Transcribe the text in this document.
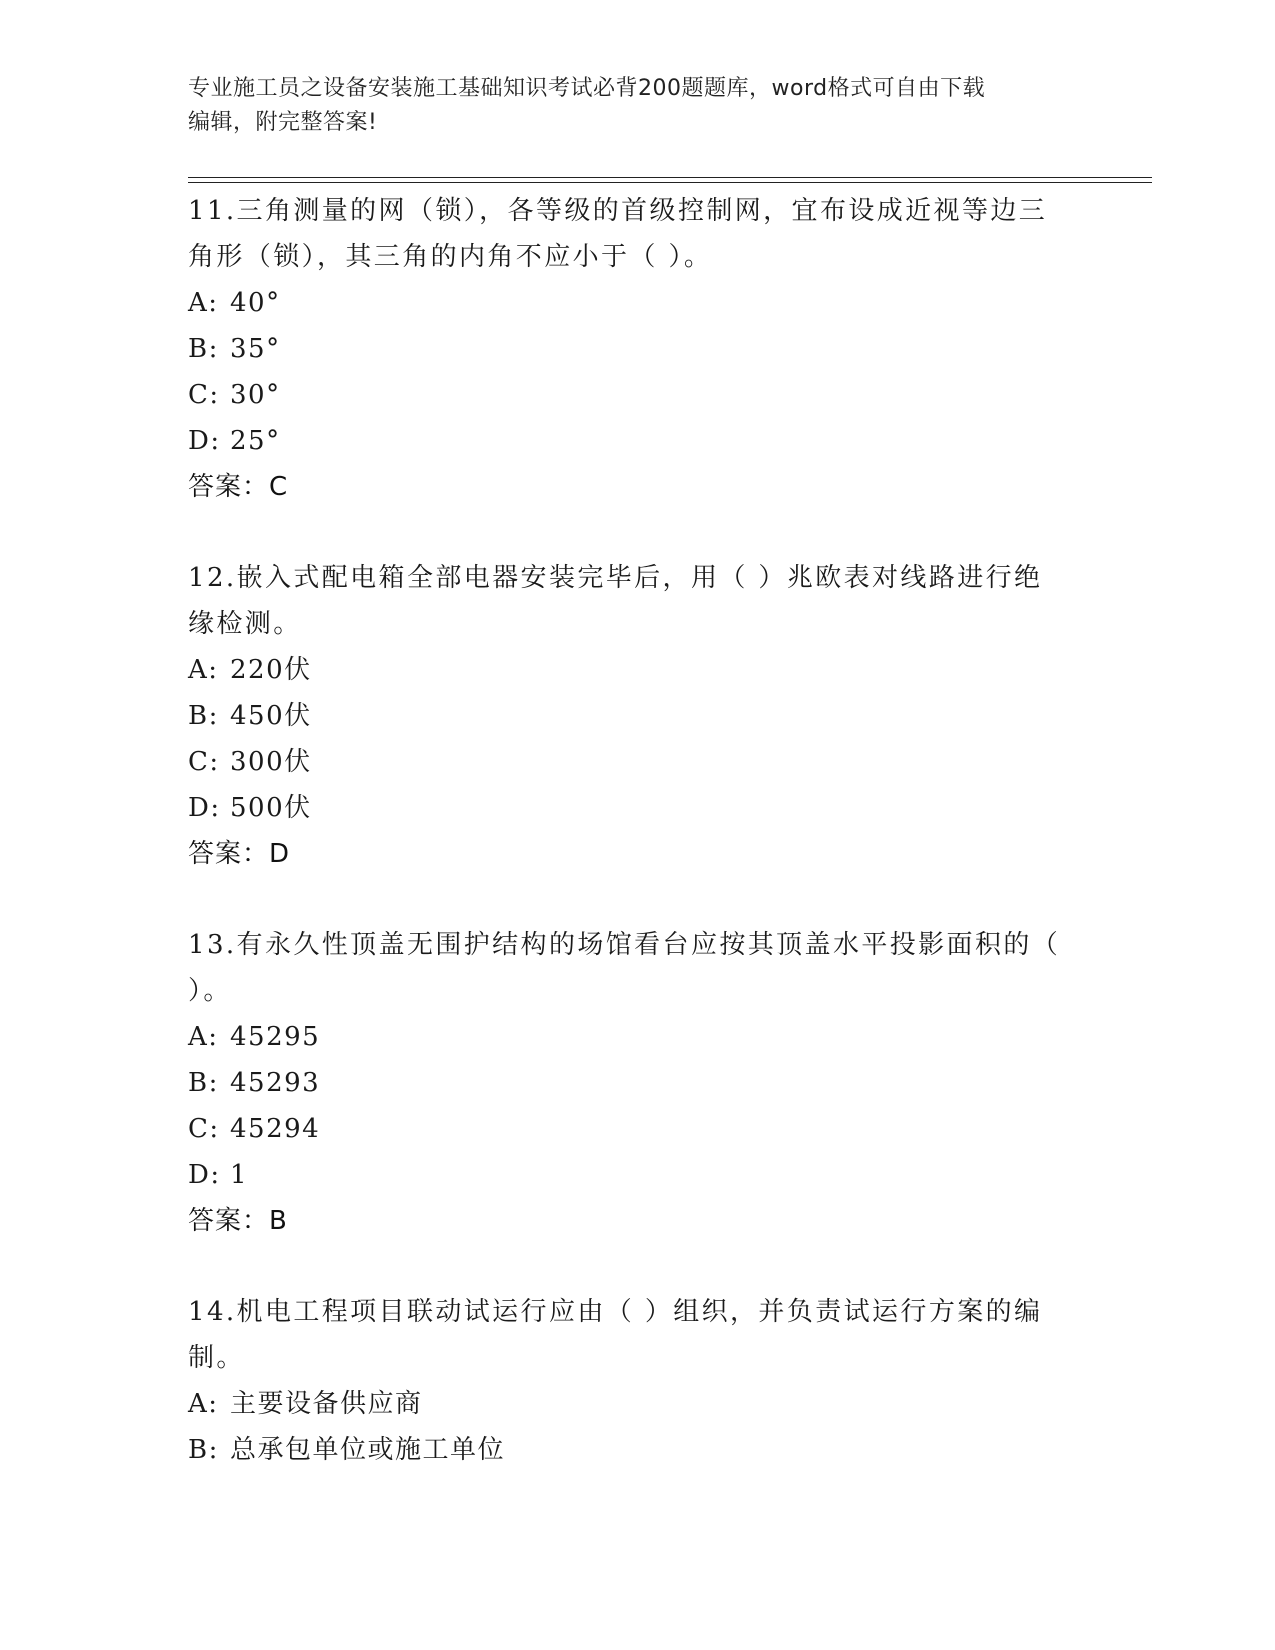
专业施工员之设备安装施工基础知识考试必背200题题库，word格式可自由下载
编辑，附完整答案!
11.三角测量的网（锁），各等级的首级控制网，宜布设成近视等边三
角形（锁），其三角的内角不应小于（ ）。
A: 40°
B: 35°
C: 30°
D: 25°
答案：C
12.嵌入式配电箱全部电器安装完毕后，用（ ）兆欧表对线路进行绝
缘检测。
A: 220伏
B: 450伏
C: 300伏
D: 500伏
答案：D
13.有永久性顶盖无围护结构的场馆看台应按其顶盖水平投影面积的（
）。
A: 45295
B: 45293
C: 45294
D: 1
答案：B
14.机电工程项目联动试运行应由（ ）组织，并负责试运行方案的编
制。
A: 主要设备供应商
B: 总承包单位或施工单位
